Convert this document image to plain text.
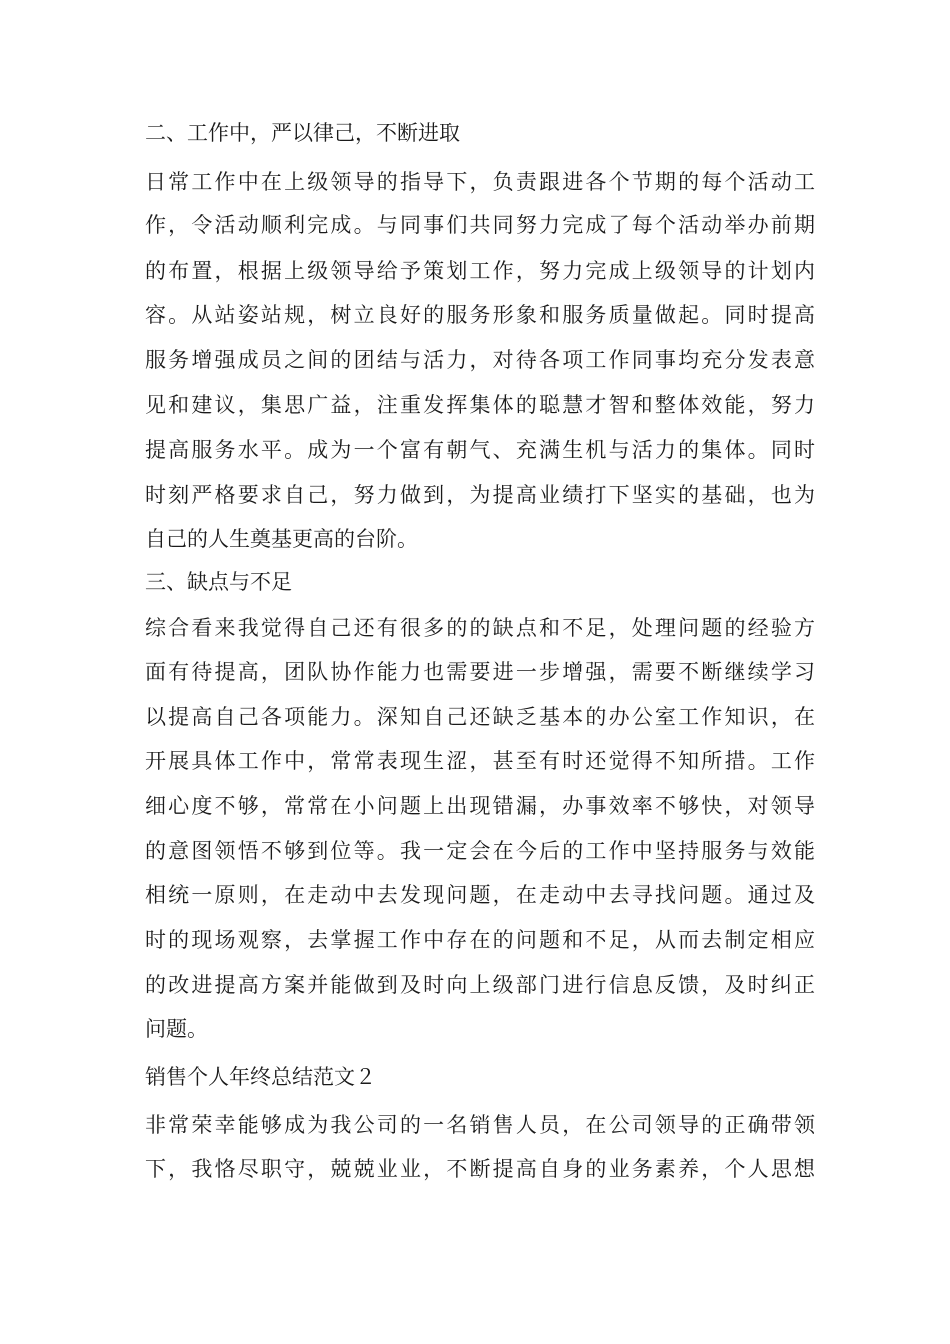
二、工作中，严以律己，不断进取
日常工作中在上级领导的指导下，负责跟进各个节期的每个活动工
作，令活动顺利完成。与同事们共同努力完成了每个活动举办前期
的布置，根据上级领导给予策划工作，努力完成上级领导的计划内
容。从站姿站规，树立良好的服务形象和服务质量做起。同时提高
服务增强成员之间的团结与活力，对待各项工作同事均充分发表意
见和建议，集思广益，注重发挥集体的聪慧才智和整体效能，努力
提高服务水平。成为一个富有朝气、充满生机与活力的集体。同时
时刻严格要求自己，努力做到，为提高业绩打下坚实的基础，也为
自己的人生奠基更高的台阶。
三、缺点与不足
综合看来我觉得自己还有很多的的缺点和不足，处理问题的经验方
面有待提高，团队协作能力也需要进一步增强，需要不断继续学习
以提高自己各项能力。深知自己还缺乏基本的办公室工作知识，在
开展具体工作中，常常表现生涩，甚至有时还觉得不知所措。工作
细心度不够，常常在小问题上出现错漏，办事效率不够快，对领导
的意图领悟不够到位等。我一定会在今后的工作中坚持服务与效能
相统一原则，在走动中去发现问题，在走动中去寻找问题。通过及
时的现场观察，去掌握工作中存在的问题和不足，从而去制定相应
的改进提高方案并能做到及时向上级部门进行信息反馈，及时纠正
问题。
销售个人年终总结范文２
非常荣幸能够成为我公司的一名销售人员，在公司领导的正确带领
下，我恪尽职守，兢兢业业，不断提高自身的业务素养，个人思想
